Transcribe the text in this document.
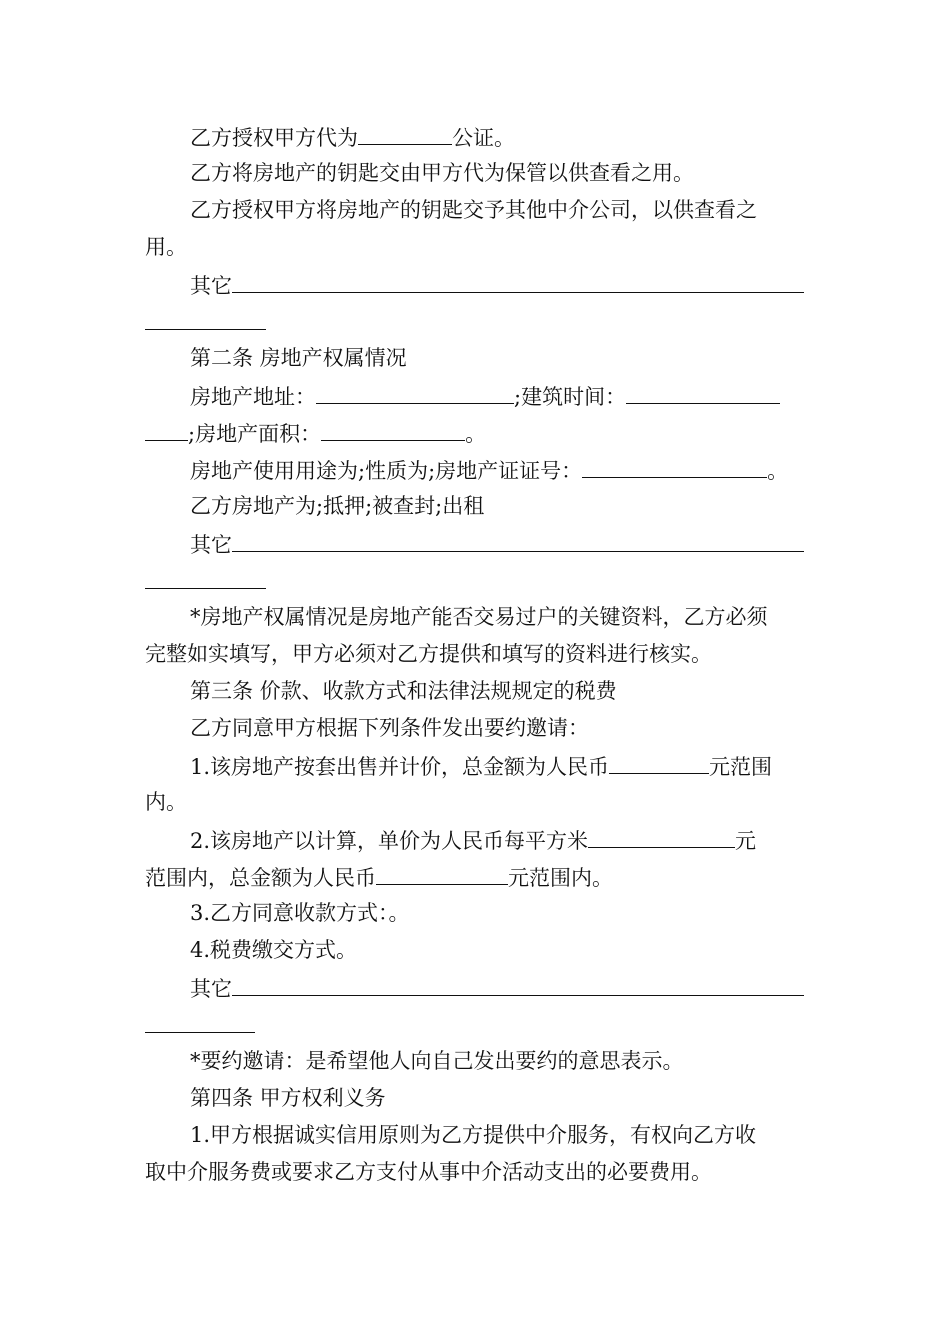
乙方授权甲方代为	公证。
乙方将房地产的钥匙交由甲方代为保管以供查看之用。
乙方授权甲方将房地产的钥匙交予其他中介公司，以供查看之
用。
其它
第二条 房地产权属情况
房地产地址：	;建筑时间：
;房地产面积：	。
房地产使用用途为;性质为;房地产证证号：	。
乙方房地产为;抵押;被查封;出租
其它
*房地产权属情况是房地产能否交易过户的关键资料，乙方必须
完整如实填写，甲方必须对乙方提供和填写的资料进行核实。
第三条 价款、收款方式和法律法规规定的税费
乙方同意甲方根据下列条件发出要约邀请：
1.该房地产按套出售并计价，总金额为人民币	元范围
内。
2.该房地产以计算，单价为人民币每平方米	元
范围内，总金额为人民币	元范围内。
3.乙方同意收款方式：。
4.税费缴交方式。
其它
*要约邀请：是希望他人向自己发出要约的意思表示。
第四条 甲方权利义务
1.甲方根据诚实信用原则为乙方提供中介服务，有权向乙方收
取中介服务费或要求乙方支付从事中介活动支出的必要费用。
